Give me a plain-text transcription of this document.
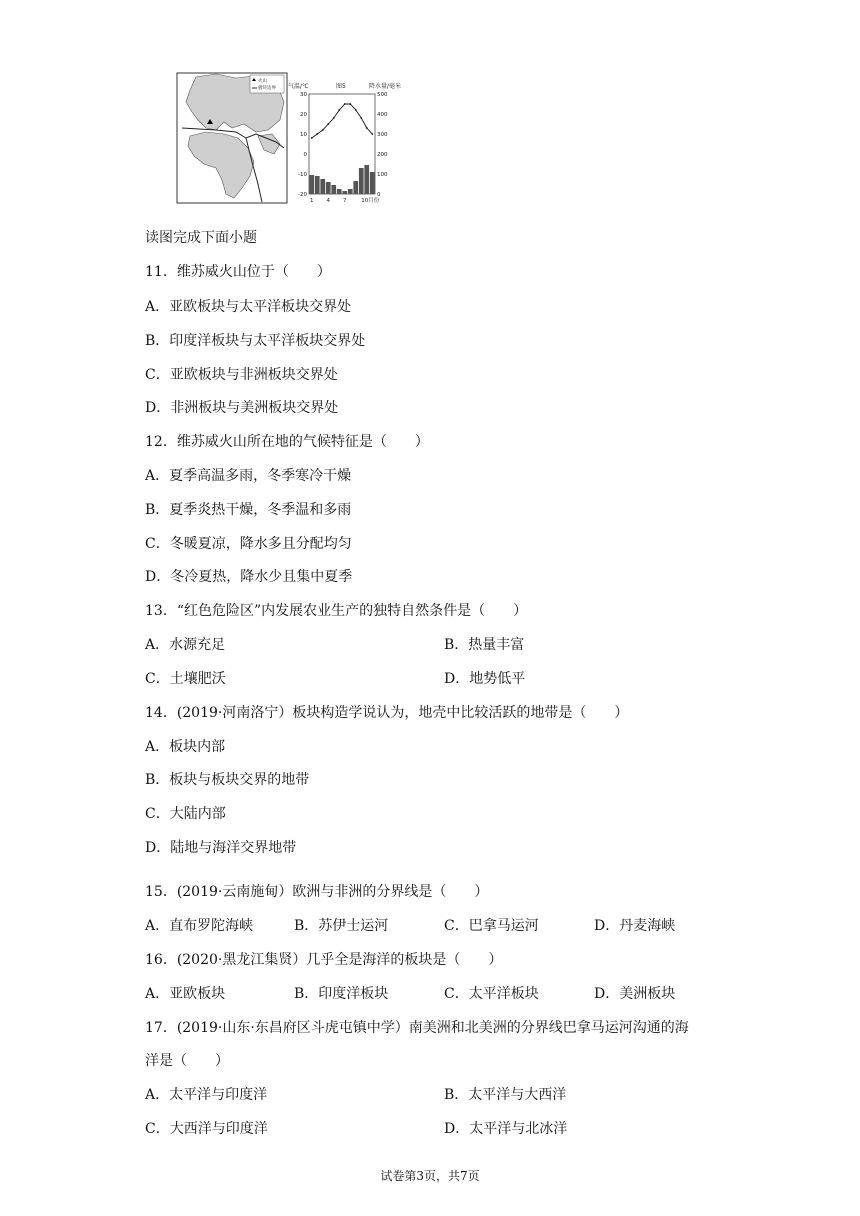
火山
板块边界 气温/℃	图5	降水量/毫米
30
20
10
0
-10
-20
500
400
300
200
100
0
1 4 7	10月份
读图完成下面小题
11．维苏威火山位于（　　）
A．亚欧板块与太平洋板块交界处
B．印度洋板块与太平洋板块交界处
C．亚欧板块与非洲板块交界处
D．非洲板块与美洲板块交界处
12．维苏威火山所在地的气候特征是（　　）
A．夏季高温多雨，冬季寒冷干燥
B．夏季炎热干燥，冬季温和多雨
C．冬暖夏凉，降水多且分配均匀
D．冬冷夏热，降水少且集中夏季
13．“红色危险区”内发展农业生产的独特自然条件是（　　）
A．水源充足	B．热量丰富
C．土壤肥沃	D．地势低平
14．(2019·河南洛宁）板块构造学说认为，地壳中比较活跃的地带是（　　）
A．板块内部
B．板块与板块交界的地带
C．大陆内部
D．陆地与海洋交界地带
15．(2019·云南施甸）欧洲与非洲的分界线是（　　）
A．直布罗陀海峡	B．苏伊士运河	C．巴拿马运河	D．丹麦海峡
16．(2020·黑龙江集贤）几乎全是海洋的板块是（　　）
A．亚欧板块	B．印度洋板块	C．太平洋板块	D．美洲板块
17．(2019·山东·东昌府区斗虎屯镇中学）南美洲和北美洲的分界线巴拿马运河沟通的海
洋是（　　）
A．太平洋与印度洋	B．太平洋与大西洋
C．大西洋与印度洋	D．太平洋与北冰洋
试卷第3页，共7页
